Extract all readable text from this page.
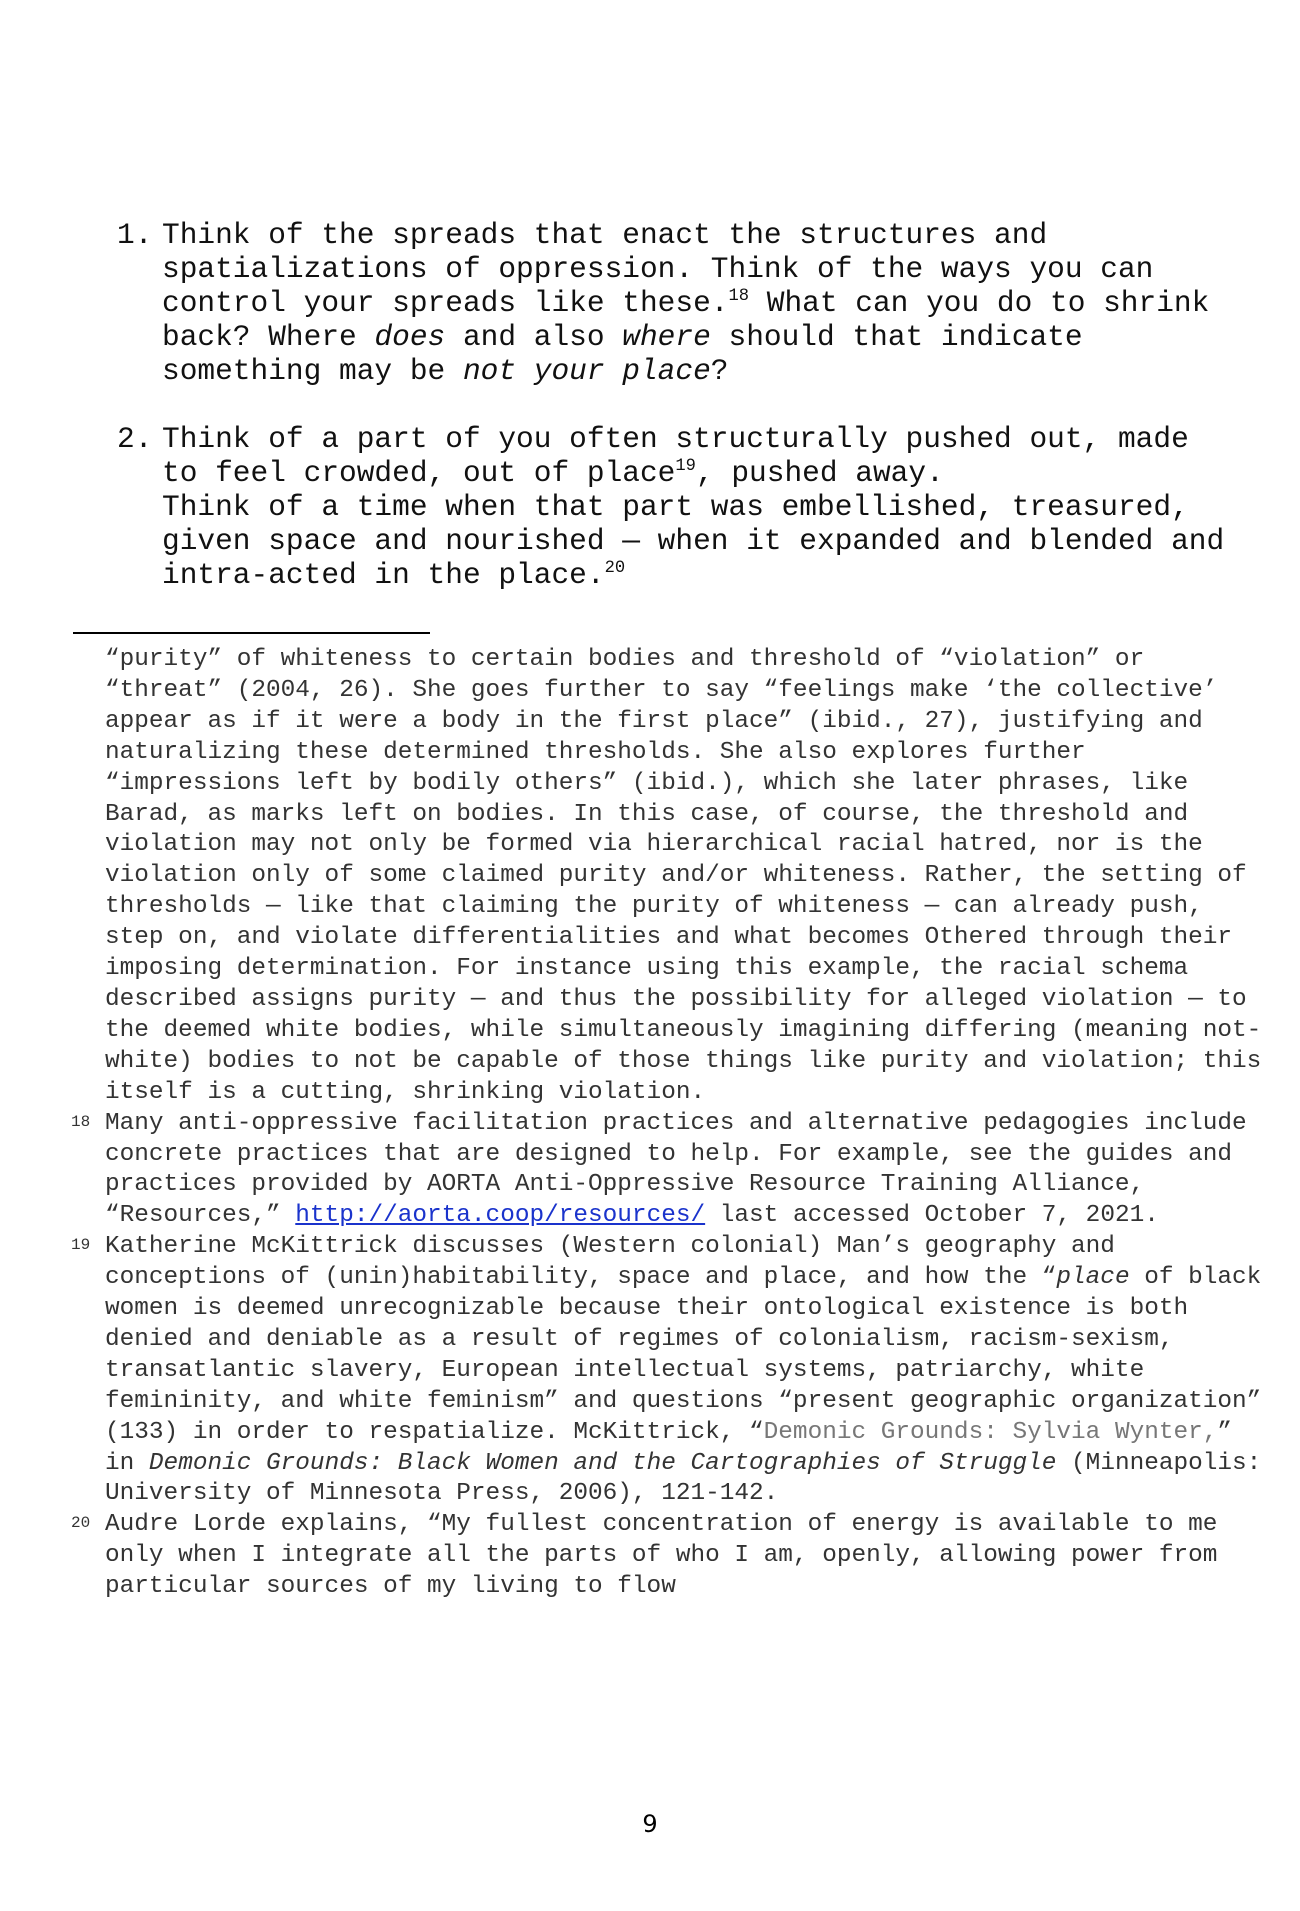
1. Think of the spreads that enact the structures and spatializations of oppression. Think of the ways you can control your spreads like these.$^{18}$ What can you do to shrink back? Where does and also where should that indicate something may be not your place?
2. Think of a part of you often structurally pushed out, made to feel crowded, out of place$^{19}$, pushed away.
Think of a time when that part was embellished, treasured, given space and nourished — when it expanded and blended and intra-acted in the place.$^{20}$
“purity” of whiteness to certain bodies and threshold of “violation” or “threat” (2004, 26). She goes further to say “feelings make ‘the collective’ appear as if it were a body in the first place” (ibid., 27), justifying and naturalizing these determined thresholds. She also explores further “impressions left by bodily others” (ibid.), which she later phrases, like Barad, as marks left on bodies. In this case, of course, the threshold and violation may not only be formed via hierarchical racial hatred, nor is the violation only of some claimed purity and/or whiteness. Rather, the setting of thresholds — like that claiming the purity of whiteness — can already push, step on, and violate differentialities and what becomes Othered through their imposing determination. For instance using this example, the racial schema described assigns purity — and thus the possibility for alleged violation — to the deemed white bodies, while simultaneously imagining differing (meaning not-white) bodies to not be capable of those things like purity and violation; this itself is a cutting, shrinking violation.
18 Many anti-oppressive facilitation practices and alternative pedagogies include concrete practices that are designed to help. For example, see the guides and practices provided by AORTA Anti-Oppressive Resource Training Alliance, “Resources,” http://aorta.coop/resources/ last accessed October 7, 2021.
19 Katherine McKittrick discusses (Western colonial) Man’s geography and conceptions of (unin)habitability, space and place, and how the “place of black women is deemed unrecognizable because their ontological existence is both denied and deniable as a result of regimes of colonialism, racism-sexism, transatlantic slavery, European intellectual systems, patriarchy, white femininity, and white feminism” and questions “present geographic organization” (133) in order to respatialize. McKittrick, “Demonic Grounds: Sylvia Wynter,” in Demonic Grounds: Black Women and the Cartographies of Struggle (Minneapolis: University of Minnesota Press, 2006), 121-142.
20 Audre Lorde explains, “My fullest concentration of energy is available to me only when I integrate all the parts of who I am, openly, allowing power from particular sources of my living to flow
9
